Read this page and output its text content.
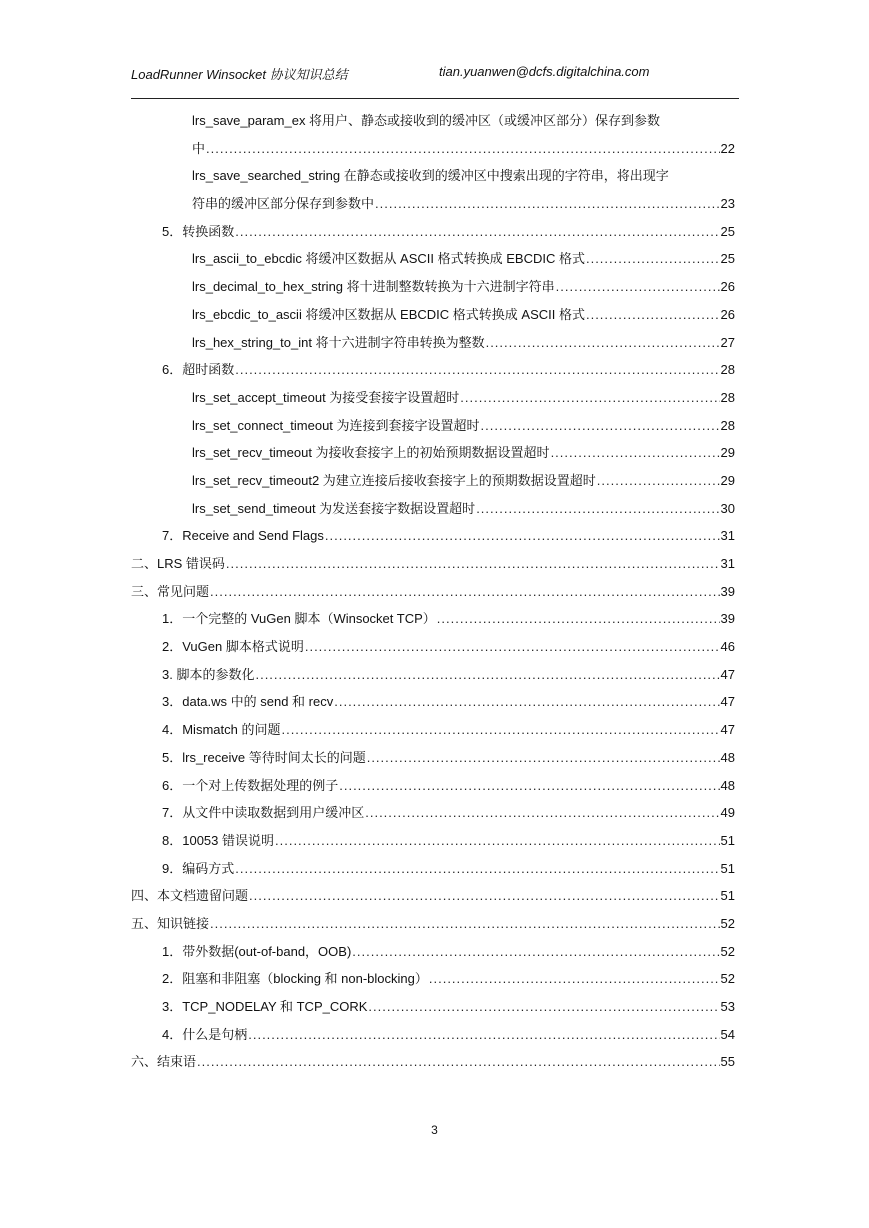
LoadRunner Winsocket 协议知识总结	tian.yuanwen@dcfs.digitalchina.com
lrs_save_param_ex 将用户、静态或接收到的缓冲区（或缓冲区部分）保存到参数
中 .....	22
lrs_save_searched_string 在静态或接收到的缓冲区中搜索出现的字符串，将出现字
符串的缓冲区部分保存到参数中 .....	23
5．转换函数 .....	25
lrs_ascii_to_ebcdic 将缓冲区数据从 ASCII 格式转换成 EBCDIC 格式 .....	25
lrs_decimal_to_hex_string 将十进制整数转换为十六进制字符串 .....	26
lrs_ebcdic_to_ascii 将缓冲区数据从 EBCDIC 格式转换成 ASCII 格式 .....	26
lrs_hex_string_to_int 将十六进制字符串转换为整数 .....	27
6．超时函数 .....	28
lrs_set_accept_timeout 为接受套接字设置超时 .....	28
lrs_set_connect_timeout 为连接到套接字设置超时 .....	28
lrs_set_recv_timeout 为接收套接字上的初始预期数据设置超时 .....	29
lrs_set_recv_timeout2 为建立连接后接收套接字上的预期数据设置超时 .....	29
lrs_set_send_timeout 为发送套接字数据设置超时 .....	30
7．Receive and Send Flags .....	31
二、LRS 错误码 .....	31
三、常见问题 .....	39
1．一个完整的 VuGen 脚本（Winsocket TCP） .....	39
2．VuGen 脚本格式说明 .....	46
3. 脚本的参数化 .....	47
3．data.ws 中的 send 和 recv .....	47
4．Mismatch 的问题 .....	47
5．lrs_receive 等待时间太长的问题 .....	48
6．一个对上传数据处理的例子 .....	48
7．从文件中读取数据到用户缓冲区 .....	49
8．10053 错误说明 .....	51
9．编码方式 .....	51
四、本文档遗留问题 .....	51
五、知识链接 .....	52
1．带外数据(out-of-band，OOB) .....	52
2．阻塞和非阻塞（blocking 和 non-blocking） .....	52
3．TCP_NODELAY 和 TCP_CORK .....	53
4．什么是句柄 .....	54
六、结束语 .....	55
3
